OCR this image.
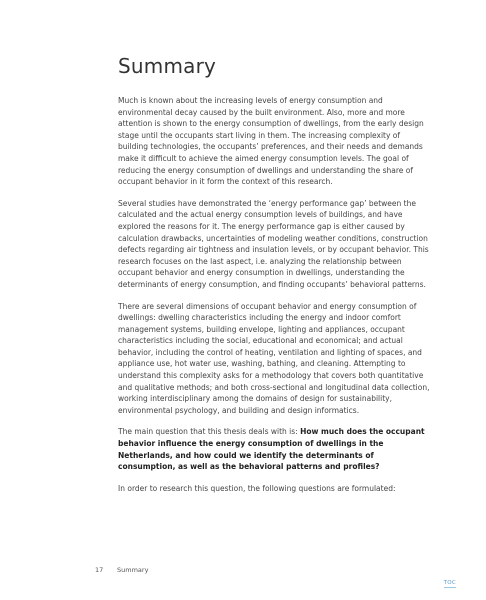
Summary

Much is known about the increasing levels of energy consumption and environmental decay caused by the built environment. Also, more and more attention is shown to the energy consumption of dwellings, from the early design stage until the occupants start living in them. The increasing complexity of building technologies, the occupants’ preferences, and their needs and demands make it difficult to achieve the aimed energy consumption levels. The goal of reducing the energy consumption of dwellings and understanding the share of occupant behavior in it form the context of this research.

Several studies have demonstrated the ‘energy performance gap’ between the calculated and the actual energy consumption levels of buildings, and have explored the reasons for it. The energy performance gap is either caused by calculation drawbacks, uncertainties of modeling weather conditions, construction defects regarding air tightness and insulation levels, or by occupant behavior. This research focuses on the last aspect, i.e. analyzing the relationship between occupant behavior and energy consumption in dwellings, understanding the determinants of energy consumption, and finding occupants’ behavioral patterns.

There are several dimensions of occupant behavior and energy consumption of dwellings: dwelling characteristics including the energy and indoor comfort management systems, building envelope, lighting and appliances, occupant characteristics including the social, educational and economical; and actual behavior, including the control of heating, ventilation and lighting of spaces, and appliance use, hot water use, washing, bathing, and cleaning. Attempting to understand this complexity asks for a methodology that covers both quantitative and qualitative methods; and both cross-sectional and longitudinal data collection, working interdisciplinary among the domains of design for sustainability, environmental psychology, and building and design informatics.

The main question that this thesis deals with is: How much does the occupant behavior influence the energy consumption of dwellings in the Netherlands, and how could we identify the determinants of consumption, as well as the behavioral patterns and profiles?

In order to research this question, the following questions are formulated:

17 Summary
TOC
